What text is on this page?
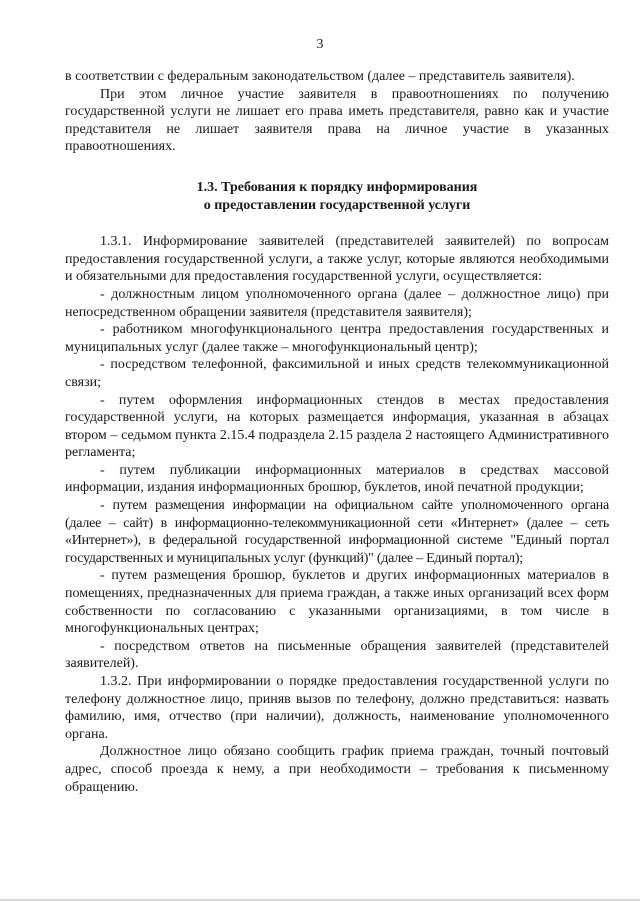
3

в соответствии с федеральным законодательством (далее – представитель заявителя).

При этом личное участие заявителя в правоотношениях по получению государственной услуги не лишает его права иметь представителя, равно как и участие представителя не лишает заявителя права на личное участие в указанных правоотношениях.

1.3. Требования к порядку информирования

о предоставлении государственной услуги

1.3.1. Информирование заявителей (представителей заявителей) по вопросам предоставления государственной услуги, а также услуг, которые являются необходимыми и обязательными для предоставления государственной услуги, осуществляется:

- должностным лицом уполномоченного органа (далее – должностное лицо) при непосредственном обращении заявителя (представителя заявителя);

- работником многофункционального центра предоставления государственных и муниципальных услуг (далее также – многофункциональный центр);

- посредством телефонной, факсимильной и иных средств телекоммуникационной связи;

- путем оформления информационных стендов в местах предоставления государственной услуги, на которых размещается информация, указанная в абзацах втором – седьмом пункта 2.15.4 подраздела 2.15 раздела 2 настоящего Административного регламента;

- путем публикации информационных материалов в средствах массовой информации, издания информационных брошюр, буклетов, иной печатной продукции;

- путем размещения информации на официальном сайте уполномоченного органа (далее – сайт) в информационно-телекоммуникационной сети «Интернет» (далее – сеть «Интернет»), в федеральной государственной информационной системе "Единый портал государственных и муниципальных услуг (функций)" (далее – Единый портал);

- путем размещения брошюр, буклетов и других информационных материалов в помещениях, предназначенных для приема граждан, а также иных организаций всех форм собственности по согласованию с указанными организациями, в том числе в многофункциональных центрах;

- посредством ответов на письменные обращения заявителей (представителей заявителей).

1.3.2. При информировании о порядке предоставления государственной услуги по телефону должностное лицо, приняв вызов по телефону, должно представиться: назвать фамилию, имя, отчество (при наличии), должность, наименование уполномоченного органа.

Должностное лицо обязано сообщить график приема граждан, точный почтовый адрес, способ проезда к нему, а при необходимости – требования к письменному обращению.
